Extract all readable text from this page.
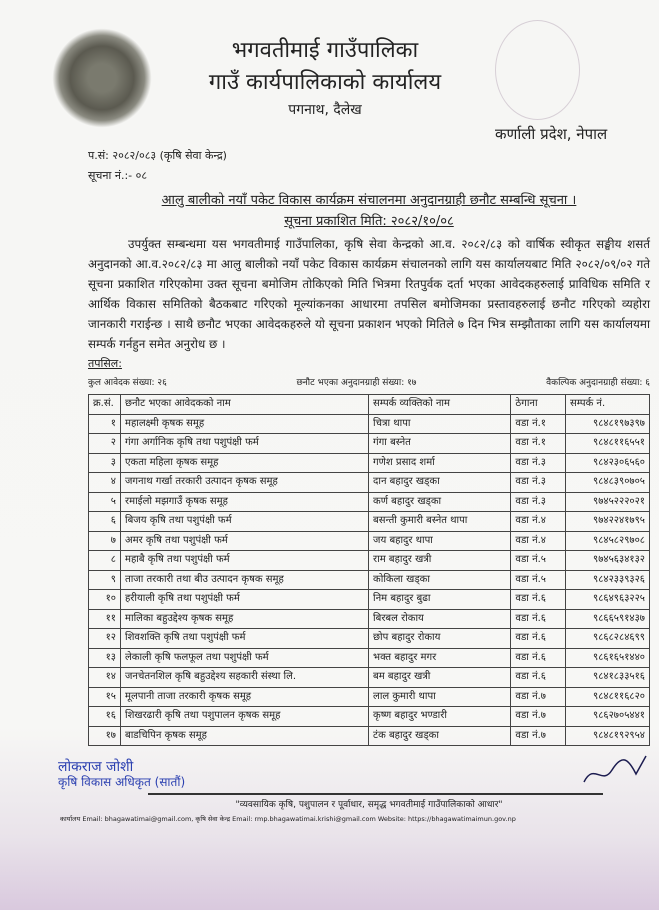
भगवतीमाई गाउँपालिका
गाउँ कार्यपालिकाको कार्यालय
पगनाथ, दैलेख
कर्णाली प्रदेश, नेपाल
प.सं: २०८२/०८३ (कृषि सेवा केन्द्र)
सूचना नं.:- ०८
आलु बालीको नयाँ पकेट विकास कार्यक्रम संचालनमा अनुदानग्राही छनौट सम्बन्धि सूचना ।
सूचना प्रकाशित मिति: २०८२/१०/०८
उपर्युक्त सम्बन्धमा यस भगवतीमाई गाउँपालिका, कृषि सेवा केन्द्रको आ.व. २०८२/८३ को वार्षिक स्वीकृत सङ्घीय शसर्त अनुदानको आ.व.२०८२/८३ मा आलु बालीको नयाँ पकेट विकास कार्यक्रम संचालनको लागि यस कार्यालयबाट मिति २०८२/०९/०२ गते सूचना प्रकाशित गरिएकोमा उक्त सूचना बमोजिम तोकिएको मिति भित्रमा रितपुर्वक दर्ता भएका आवेदकहरुलाई प्राविधिक समिति र आर्थिक विकास समितिको बैठकबाट गरिएको मूल्यांकनका आधारमा तपसिल बमोजिमका प्रस्तावहरुलाई छनौट गरिएको व्यहोरा जानकारी गराईन्छ । साथै छनौट भएका आवेदकहरुले यो सूचना प्रकाशन भएको मितिले ७ दिन भित्र सम्झौताका लागि यस कार्यालयमा सम्पर्क गर्नहुन समेत अनुरोध छ ।
तपसिल:
कुल आवेदक संख्या: २६	छनौट भएका अनुदानग्राही संख्या: १७	वैकल्पिक अनुदानग्राही संख्या: ६
क्र.सं.	छनौट भएका आवेदकको नाम	सम्पर्क व्यक्तिको नाम	ठेगाना	सम्पर्क नं.
१	महालक्ष्मी कृषक समूह	चित्रा थापा	वडा नं.१	९८४८१९७३९७
२	गंगा अर्गानिक कृषि तथा पशुपंक्षी फर्म	गंगा बस्नेत	वडा नं.१	९८४८११६५५१
३	एकता महिला कृषक समूह	गणेश प्रसाद शर्मा	वडा नं.३	९८४२३०६५६०
४	जगनाथ गर्खा तरकारी उत्पादन कृषक समूह	दान बहादुर खड्का	वडा नं.३	९८४८३९०७०५
५	रमाईलो मझगाउँ कृषक समूह	कर्ण बहादुर खड्का	वडा नं.३	९७४५२२२०२१
६	बिजय कृषि तथा पशुपंक्षी फर्म	बसन्ती कुमारी बस्नेत थापा	वडा नं.४	९७४२२४१७९५
७	अमर कृषि तथा पशुपंक्षी फर्म	जय बहादुर थापा	वडा नं.४	९८४५८२९७०८
८	महाबै कृषि तथा पशुपंक्षी फर्म	राम बहादुर खत्री	वडा नं.५	९७४५६३४१३२
९	ताजा तरकारी तथा बीउ उत्पादन कृषक समूह	कोकिला खड्का	वडा नं.५	९८४२३३९३२६
१०	हरीयाली कृषि तथा पशुपंक्षी फर्म	निम बहादुर बुढा	वडा नं.६	९८६४९६३२२५
११	मालिका बहुउद्देश्य कृषक समूह	बिरबल रोकाय	वडा नं.६	९८६६५९१४३७
१२	शिवशक्ति कृषि तथा पशुपंक्षी फर्म	छोप बहादुर रोकाय	वडा नं.६	९८६८२८४६९९
१३	लेकाली कृषि फलफूल तथा पशुपंक्षी फर्म	भक्त बहादुर मगर	वडा नं.६	९८६१६५१४४०
१४	जनचेतनशिल कृषि बहुउद्देश्य सहकारी संस्था लि.	बम बहादुर खत्री	वडा नं.६	९८४१८३३५१६
१५	मूलपानी ताजा तरकारी कृषक समूह	लाल कुमारी थापा	वडा नं.७	९८४८११६८२०
१६	शिखरढारी कृषि तथा पशुपालन कृषक समूह	कृष्ण बहादुर भण्डारी	वडा नं.७	९८६२७०५४४१
१७	बाडचिपिन कृषक समूह	टंक बहादुर खड्का	वडा नं.७	९८४८१९२९५४
लोकराज जोशी
कृषि विकास अधिकृत (सातौं)
"व्यवसायिक कृषि, पशुपालन र पूर्वाधार, समृद्ध भगवतीमाई गाउँपालिकाको आधार"
कार्यालय Email: bhagawatimai@gmail.com, कृषि सेवा केन्द्र Email: rmp.bhagawatimai.krishi@gmail.com Website: https://bhagawatimaimun.gov.np
